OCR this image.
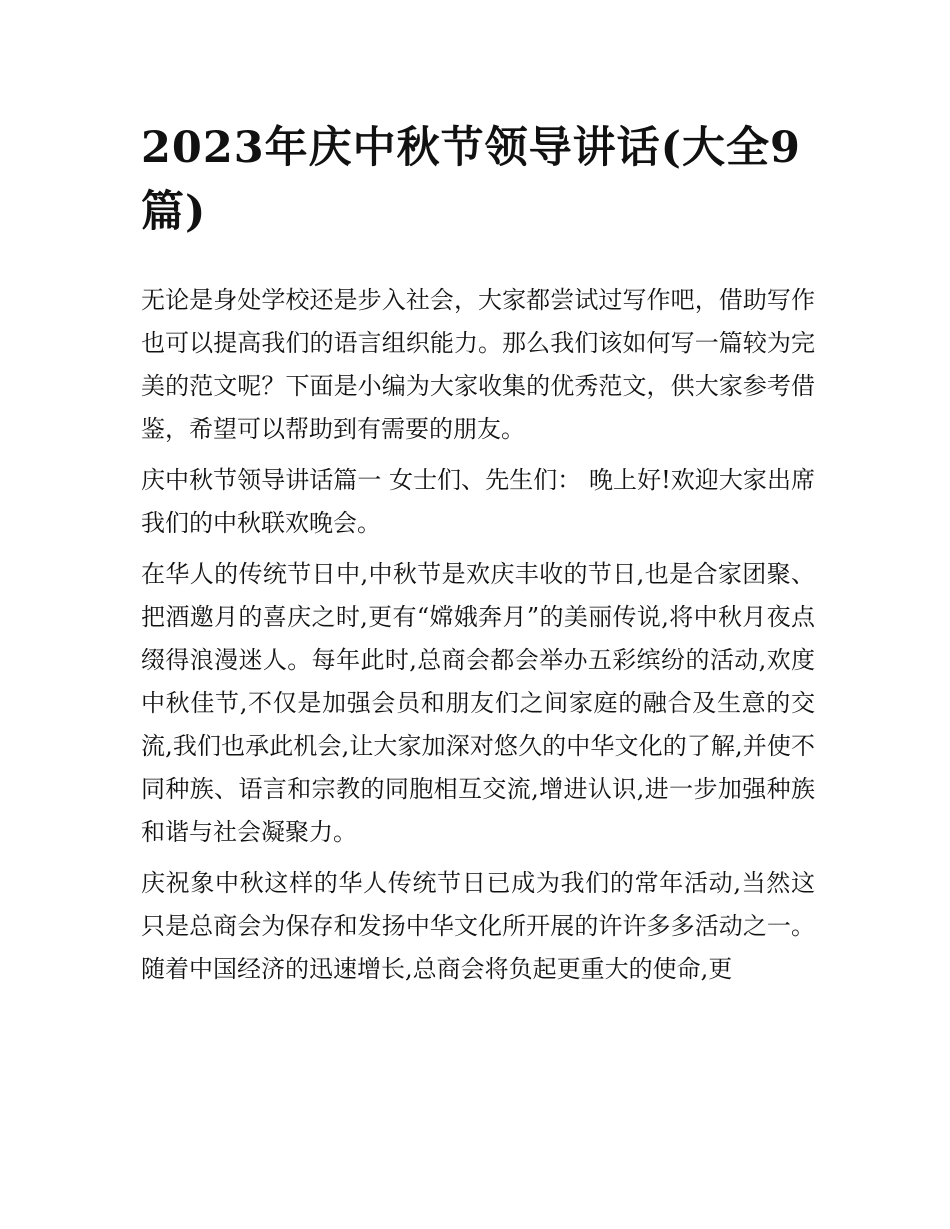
2023年庆中秋节领导讲话(大全9篇)

无论是身处学校还是步入社会，大家都尝试过写作吧，借助写作也可以提高我们的语言组织能力。那么我们该如何写一篇较为完美的范文呢？下面是小编为大家收集的优秀范文，供大家参考借鉴，希望可以帮助到有需要的朋友。

庆中秋节领导讲话篇一 女士们、先生们： 晚上好!欢迎大家出席我们的中秋联欢晚会。

在华人的传统节日中,中秋节是欢庆丰收的节日,也是合家团聚、把酒邀月的喜庆之时,更有“嫦娥奔月”的美丽传说,将中秋月夜点缀得浪漫迷人。每年此时,总商会都会举办五彩缤纷的活动,欢度中秋佳节,不仅是加强会员和朋友们之间家庭的融合及生意的交流,我们也承此机会,让大家加深对悠久的中华文化的了解,并使不同种族、语言和宗教的同胞相互交流,增进认识,进一步加强种族和谐与社会凝聚力。

庆祝象中秋这样的华人传统节日已成为我们的常年活动,当然这只是总商会为保存和发扬中华文化所开展的许许多多活动之一。随着中国经济的迅速增长,总商会将负起更重大的使命,更
